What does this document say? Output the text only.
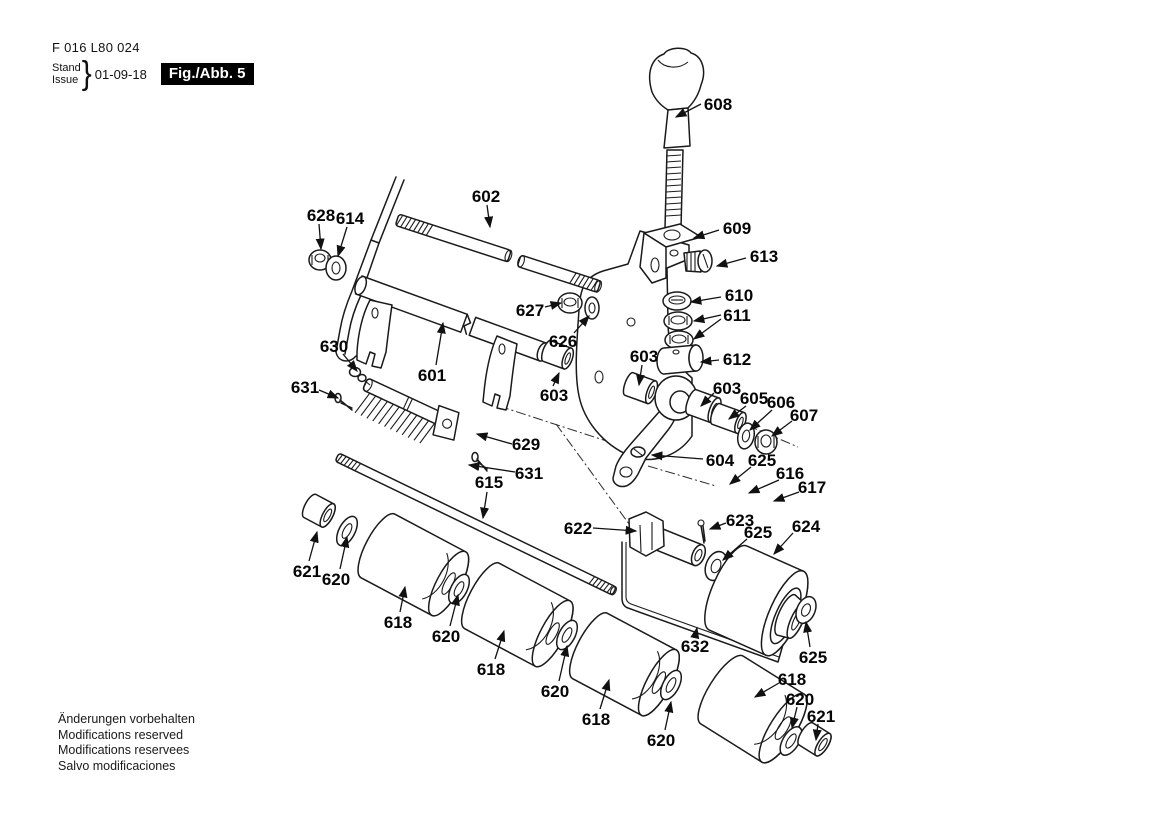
F 016 L80 024
Stand
Issue } 01-09-18	Fig./Abb. 5
Änderungen vorbehalten
Modifications reserved
Modifications reservees
Salvo modificaciones
608
602
628 614
609
613
610
611
627
626
612
603
601
630
631	603	603
605
606
607
629
631
615
604 625
616
617
623
622	625 624
621 620
618
620
618
620
618
620
632
625
618
620
621
